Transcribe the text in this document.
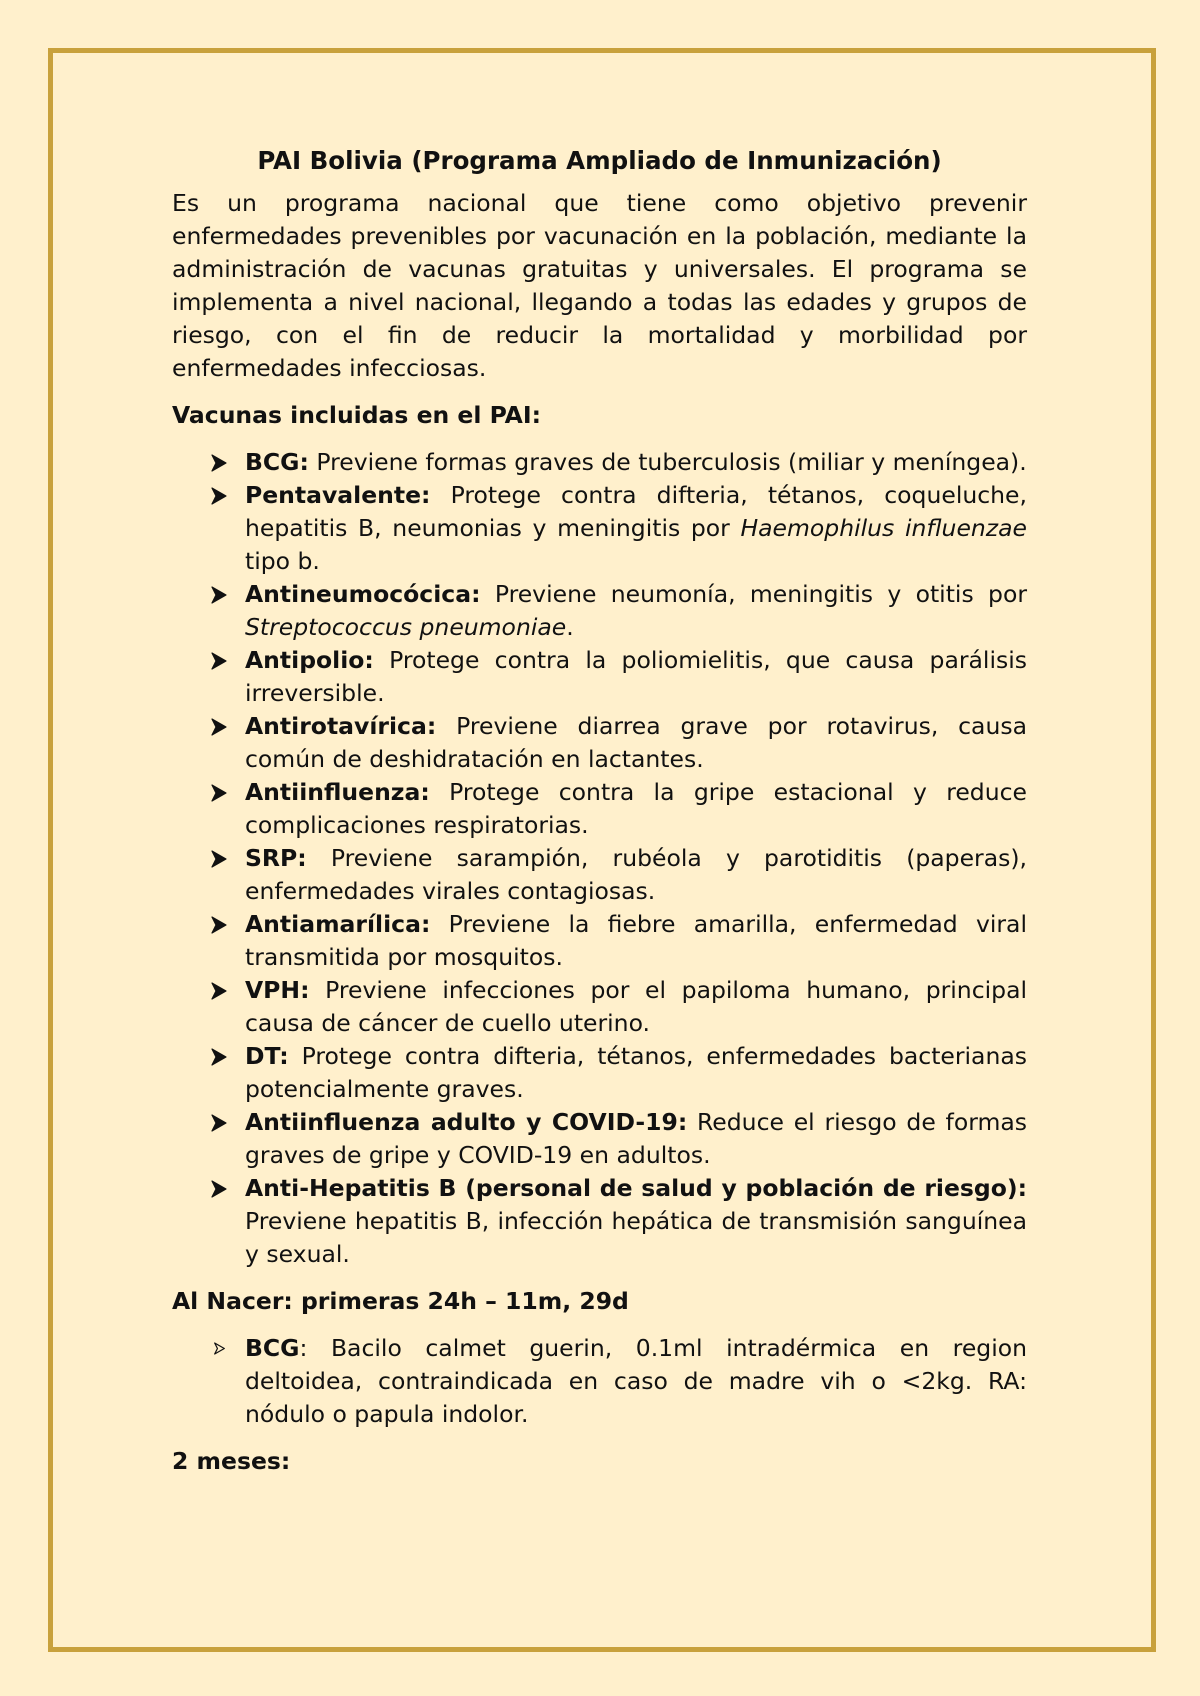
PAI Bolivia (Programa Ampliado de Inmunización)

Es un programa nacional que tiene como objetivo prevenir enfermedades prevenibles por vacunación en la población, mediante la administración de vacunas gratuitas y universales. El programa se implementa a nivel nacional, llegando a todas las edades y grupos de riesgo, con el fin de reducir la mortalidad y morbilidad por enfermedades infecciosas.

Vacunas incluidas en el PAI:
BCG: Previene formas graves de tuberculosis (miliar y meníngea).
Pentavalente: Protege contra difteria, tétanos, coqueluche, hepatitis B, neumonias y meningitis por Haemophilus influenzae tipo b.
Antineumocócica: Previene neumonía, meningitis y otitis por Streptococcus pneumoniae.
Antipolio: Protege contra la poliomielitis, que causa parálisis irreversible.
Antirotavírica: Previene diarrea grave por rotavirus, causa común de deshidratación en lactantes.
Antiinfluenza: Protege contra la gripe estacional y reduce complicaciones respiratorias.
SRP: Previene sarampión, rubéola y parotiditis (paperas), enfermedades virales contagiosas.
Antiamarílica: Previene la fiebre amarilla, enfermedad viral transmitida por mosquitos.
VPH: Previene infecciones por el papiloma humano, principal causa de cáncer de cuello uterino.
DT: Protege contra difteria, tétanos, enfermedades bacterianas potencialmente graves.
Antiinfluenza adulto y COVID-19: Reduce el riesgo de formas graves de gripe y COVID-19 en adultos.
Anti-Hepatitis B (personal de salud y población de riesgo): Previene hepatitis B, infección hepática de transmisión sanguínea y sexual.
Al Nacer: primeras 24h – 11m, 29d
BCG: Bacilo calmet guerin, 0.1ml intradérmica en region deltoidea, contraindicada en caso de madre vih o <2kg. RA: nódulo o papula indolor.
2 meses:
